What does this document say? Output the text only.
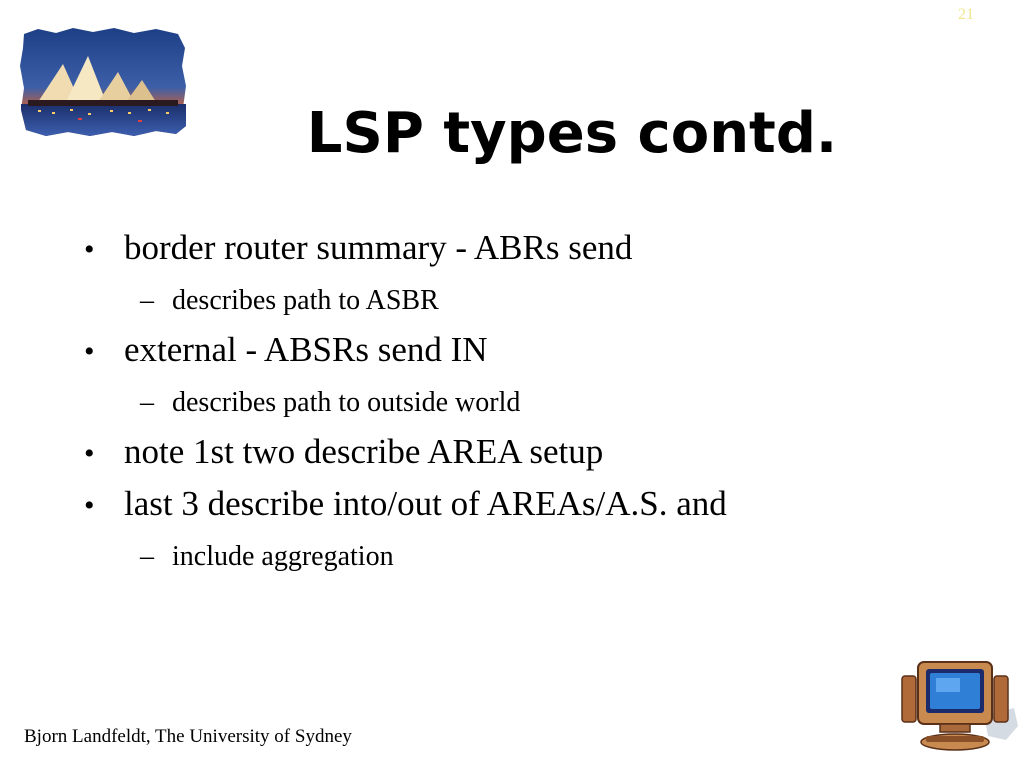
21
LSP types contd.
• border router summary - ABRs send
– describes path to ASBR
• external - ABSRs send IN
– describes path to outside world
• note 1st two describe AREA setup
• last 3 describe into/out of AREAs/A.S. and
– include aggregation
Bjorn Landfeldt, The University of Sydney
